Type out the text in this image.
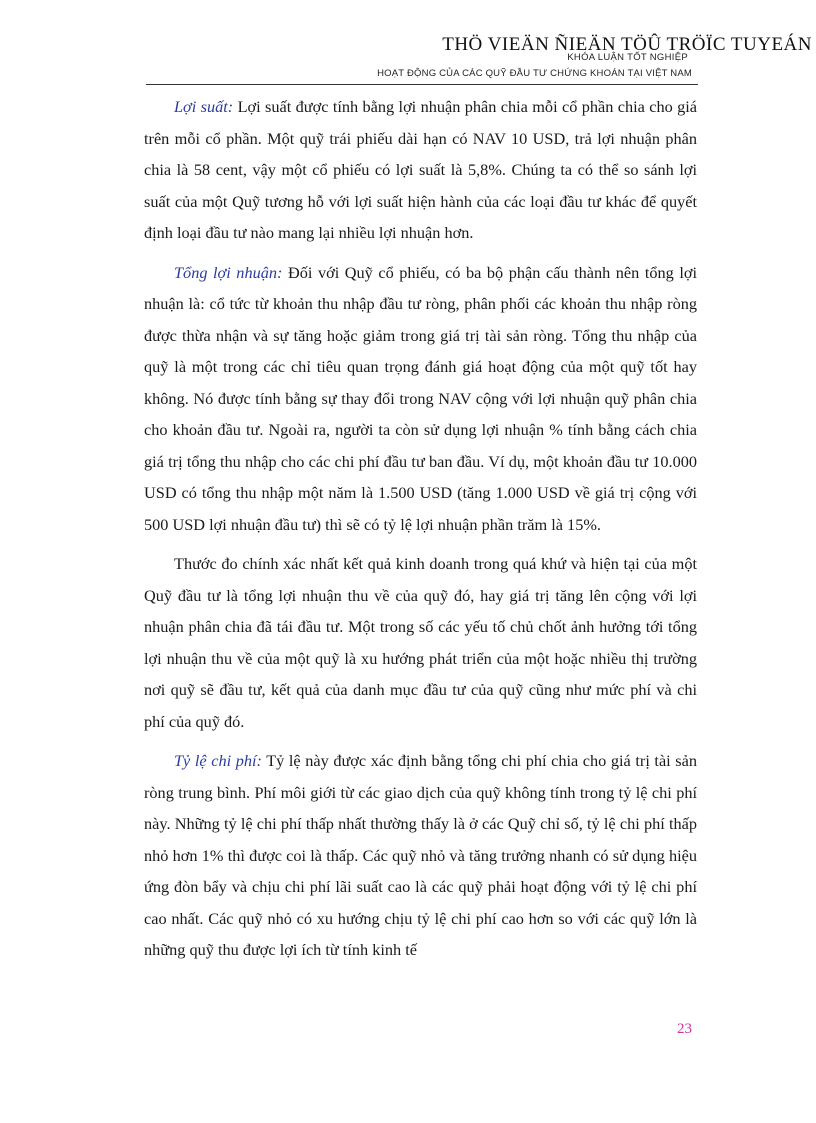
THÖ VIEÄN ÑIEÄN TÖÛ TRÖÏC TUYEÁN
KHÓA LUẬN TỐT NGHIỆP
HOẠT ĐỘNG CỦA CÁC QUỸ ĐẦU TƯ CHỨNG KHOÁN TẠI VIỆT NAM

Lợi suất: Lợi suất được tính bằng lợi nhuận phân chia mỗi cổ phần chia cho giá trên mỗi cổ phần. Một quỹ trái phiếu dài hạn có NAV 10 USD, trả lợi nhuận phân chia là 58 cent, vậy một cổ phiếu có lợi suất là 5,8%. Chúng ta có thể so sánh lợi suất của một Quỹ tương hỗ với lợi suất hiện hành của các loại đầu tư khác để quyết định loại đầu tư nào mang lại nhiều lợi nhuận hơn.

Tổng lợi nhuận: Đối với Quỹ cổ phiếu, có ba bộ phận cấu thành nên tổng lợi nhuận là: cổ tức từ khoản thu nhập đầu tư ròng, phân phối các khoản thu nhập ròng được thừa nhận và sự tăng hoặc giảm trong giá trị tài sản ròng. Tổng thu nhập của quỹ là một trong các chỉ tiêu quan trọng đánh giá hoạt động của một quỹ tốt hay không. Nó được tính bằng sự thay đổi trong NAV cộng với lợi nhuận quỹ phân chia cho khoản đầu tư. Ngoài ra, người ta còn sử dụng lợi nhuận % tính bằng cách chia giá trị tổng thu nhập cho các chi phí đầu tư ban đầu. Ví dụ, một khoản đầu tư 10.000 USD có tổng thu nhập một năm là 1.500 USD (tăng 1.000 USD về giá trị cộng với 500 USD lợi nhuận đầu tư) thì sẽ có tỷ lệ lợi nhuận phần trăm là 15%.

Thước đo chính xác nhất kết quả kinh doanh trong quá khứ và hiện tại của một Quỹ đầu tư là tổng lợi nhuận thu về của quỹ đó, hay giá trị tăng lên cộng với lợi nhuận phân chia đã tái đầu tư. Một trong số các yếu tố chủ chốt ảnh hưởng tới tổng lợi nhuận thu về của một quỹ là xu hướng phát triển của một hoặc nhiều thị trường nơi quỹ sẽ đầu tư, kết quả của danh mục đầu tư của quỹ cũng như mức phí và chi phí của quỹ đó.

Tỷ lệ chi phí: Tỷ lệ này được xác định bằng tổng chi phí chia cho giá trị tài sản ròng trung bình. Phí môi giới từ các giao dịch của quỹ không tính trong tỷ lệ chi phí này. Những tỷ lệ chi phí thấp nhất thường thấy là ở các Quỹ chỉ số, tỷ lệ chi phí thấp nhỏ hơn 1% thì được coi là thấp. Các quỹ nhỏ và tăng trưởng nhanh có sử dụng hiệu ứng đòn bẩy và chịu chi phí lãi suất cao là các quỹ phải hoạt động với tỷ lệ chi phí cao nhất. Các quỹ nhỏ có xu hướng chịu tỷ lệ chi phí cao hơn so với các quỹ lớn là những quỹ thu được lợi ích từ tính kinh tế

23
